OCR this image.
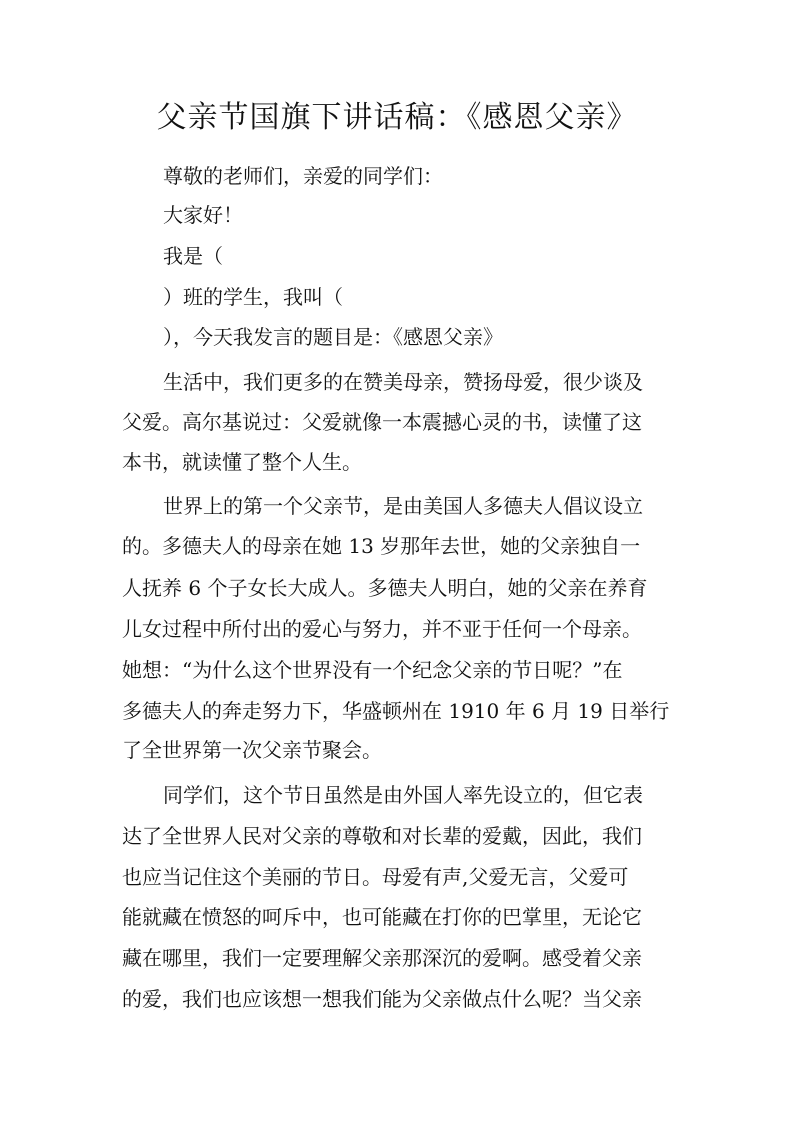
父亲节国旗下讲话稿：《感恩父亲》
尊敬的老师们，亲爱的同学们：
大家好！
我是（
）班的学生，我叫（
），今天我发言的题目是：《感恩父亲》
生活中，我们更多的在赞美母亲，赞扬母爱，很少谈及
父爱。高尔基说过：父爱就像一本震撼心灵的书，读懂了这
本书，就读懂了整个人生。
世界上的第一个父亲节，是由美国人多德夫人倡议设立
的。多德夫人的母亲在她 13 岁那年去世，她的父亲独自一
人抚养 6 个子女长大成人。多德夫人明白，她的父亲在养育
儿女过程中所付出的爱心与努力，并不亚于任何一个母亲。
她想：“为什么这个世界没有一个纪念父亲的节日呢？”在
多德夫人的奔走努力下，华盛顿州在 1910 年 6 月 19 日举行
了全世界第一次父亲节聚会。
同学们，这个节日虽然是由外国人率先设立的，但它表
达了全世界人民对父亲的尊敬和对长辈的爱戴，因此，我们
也应当记住这个美丽的节日。母爱有声,父爱无言，父爱可
能就藏在愤怒的呵斥中，也可能藏在打你的巴掌里，无论它
藏在哪里，我们一定要理解父亲那深沉的爱啊。感受着父亲
的爱，我们也应该想一想我们能为父亲做点什么呢？当父亲
